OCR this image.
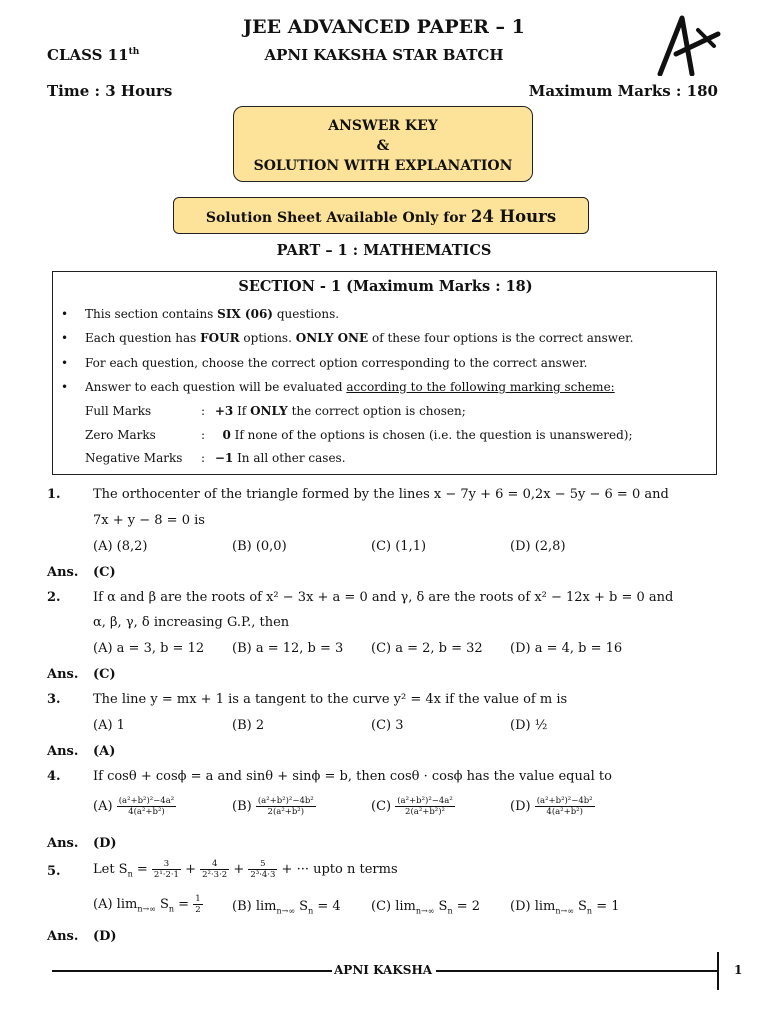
JEE ADVANCED PAPER – 1
CLASS 11th	APNI KAKSHA STAR BATCH
Time : 3 Hours	Maximum Marks : 180
ANSWER KEY
&
SOLUTION WITH EXPLANATION
Solution Sheet Available Only for 24 Hours
PART – 1 : MATHEMATICS
SECTION - 1 (Maximum Marks : 18)
• This section contains SIX (06) questions.
• Each question has FOUR options. ONLY ONE of these four options is the correct answer.
• For each question, choose the correct option corresponding to the correct answer.
• Answer to each question will be evaluated according to the following marking scheme:
Full Marks	: +3 If ONLY the correct option is chosen;
Zero Marks	: 0 If none of the options is chosen (i.e. the question is unanswered);
Negative Marks : −1 In all other cases.
1. The orthocenter of the triangle formed by the lines x − 7y + 6 = 0,2x − 5y − 6 = 0 and
7x + y − 8 = 0 is
(A) (8,2)	(B) (0,0)	(C) (1,1)	(D) (2,8)
Ans. (C)
2. If α and β are the roots of x² − 3x + a = 0 and γ, δ are the roots of x² − 12x + b = 0 and
α, β, γ, δ increasing G.P., then
(A) a = 3, b = 12 (B) a = 12, b = 3 (C) a = 2, b = 32 (D) a = 4, b = 16
Ans. (C)
3. The line y = mx + 1 is a tangent to the curve y² = 4x if the value of m is
(A) 1	(B) 2	(C) 3	(D) ½
Ans. (A)
4. If cosθ + cosϕ = a and sinθ + sinϕ = b, then cosθ · cosϕ has the value equal to
$(A) \frac{\text{(a²+b²)²−4a²}}{\text{4(a²+b²)}}$	$(B) \frac{\text{(a²+b²)²−4b²}}{\text{2(a²+b²)}}$	$(C) \frac{\text{(a²+b²)²−4a²}}{\text{2(a²+b²)²}}$	$(D) \frac{\text{(a²+b²)²−4b²}}{\text{4(a²+b²)}}$
Ans. (D)
5. Let $S_n = \frac{3}{\text{2¹·2·1}} + \frac{4}{\text{2²·3·2}} + \frac{5}{\text{2³·4·3}}$ + ··· upto n terms
(A) $\lim_{n\to\infty} S_n = \frac{1}{2} (B)$ $\lim_{n\to\infty} S_n = 4$ (C) $\lim_{n\to\infty} S_n = 2$ (D) $\lim_{n\to\infty} S_n = 1$
Ans. (D)
APNI KAKSHA	1
